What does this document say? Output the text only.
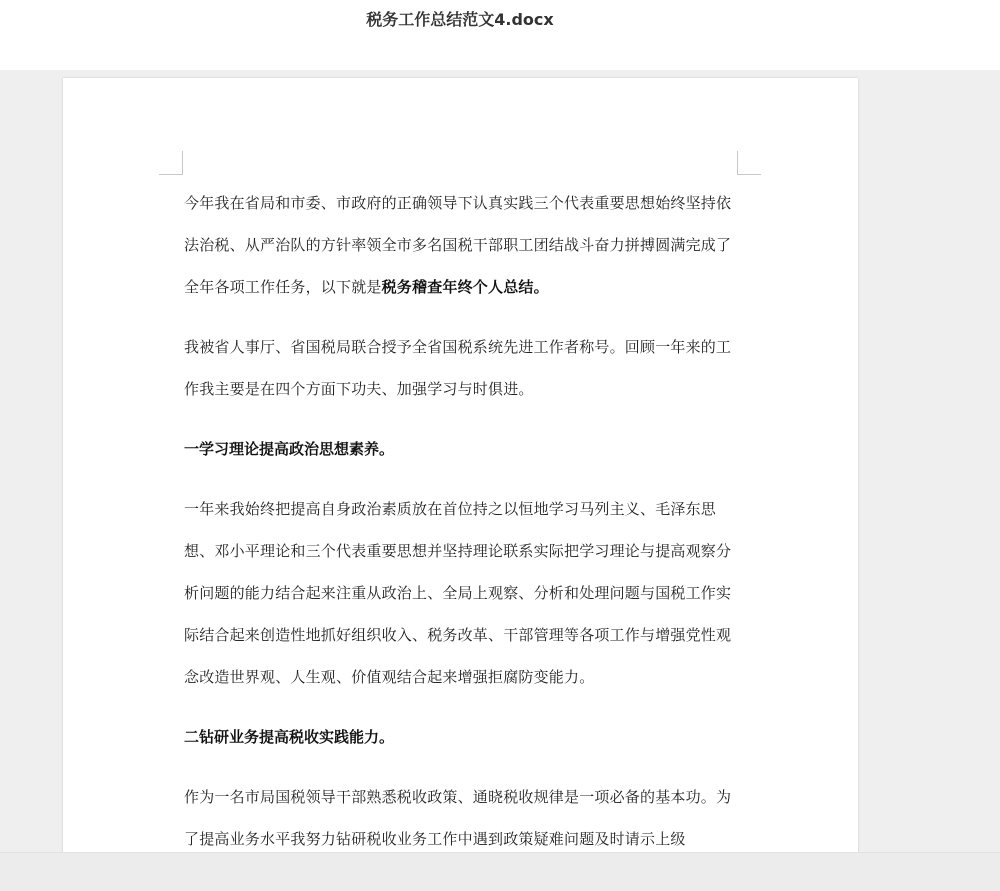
税务工作总结范文4.docx

今年我在省局和市委、市政府的正确领导下认真实践三个代表重要思想始终坚持依法治税、从严治队的方针率领全市多名国税干部职工团结战斗奋力拼搏圆满完成了全年各项工作任务，以下就是税务稽查年终个人总结。

我被省人事厅、省国税局联合授予全省国税系统先进工作者称号。回顾一年来的工作我主要是在四个方面下功夫、加强学习与时俱进。

一学习理论提高政治思想素养。

一年来我始终把提高自身政治素质放在首位持之以恒地学习马列主义、毛泽东思想、邓小平理论和三个代表重要思想并坚持理论联系实际把学习理论与提高观察分析问题的能力结合起来注重从政治上、全局上观察、分析和处理问题与国税工作实际结合起来创造性地抓好组织收入、税务改革、干部管理等各项工作与增强党性观念改造世界观、人生观、价值观结合起来增强拒腐防变能力。

二钻研业务提高税收实践能力。

作为一名市局国税领导干部熟悉税收政策、通晓税收规律是一项必备的基本功。为了提高业务水平我努力钻研税收业务工作中遇到政策疑难问题及时请示上级
